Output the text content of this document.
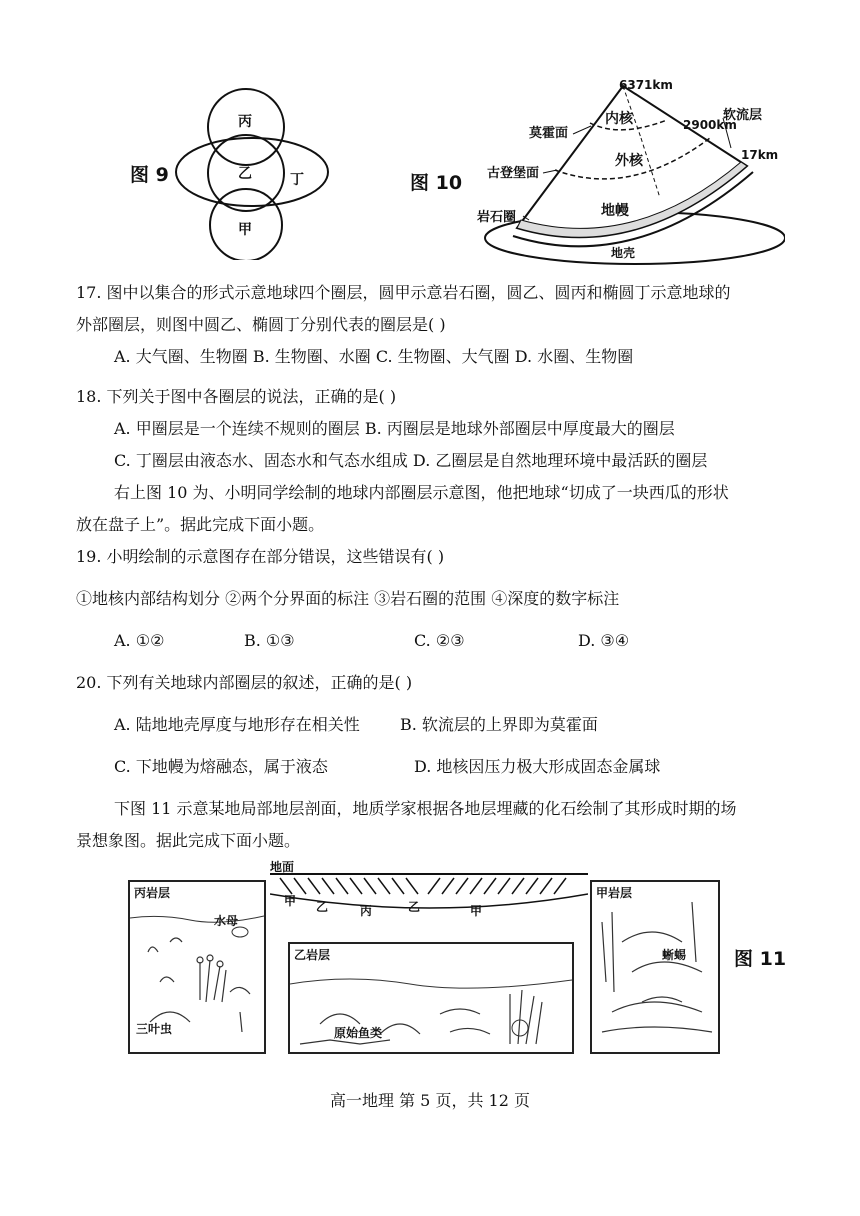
图 9
丙
乙	丁
甲
图 10
6371km
内核
莫霍面
软流层
2900km
17km
外核
古登堡面
岩石圈	地幔
地壳
17. 图中以集合的形式示意地球四个圈层，圆甲示意岩石圈，圆乙、圆丙和椭圆丁示意地球的
外部圈层，则图中圆乙、椭圆丁分别代表的圈层是( )
A. 大气圈、生物圈 B. 生物圈、水圈 C. 生物圈、大气圈 D. 水圈、生物圈
18. 下列关于图中各圈层的说法，正确的是( )
A. 甲圈层是一个连续不规则的圈层 B. 丙圈层是地球外部圈层中厚度最大的圈层
C. 丁圈层由液态水、固态水和气态水组成 D. 乙圈层是自然地理环境中最活跃的圈层
右上图 10 为、小明同学绘制的地球内部圈层示意图，他把地球“切成了一块西瓜的形状
放在盘子上”。据此完成下面小题。
19. 小明绘制的示意图存在部分错误，这些错误有( )
①地核内部结构划分 ②两个分界面的标注 ③岩石圈的范围 ④深度的数字标注
A. ①②	B. ①③	C. ②③	D. ③④
20. 下列有关地球内部圈层的叙述，正确的是( )
A. 陆地地壳厚度与地形存在相关性	B. 软流层的上界即为莫霍面
C. 下地幔为熔融态，属于液态	D. 地核因压力极大形成固态金属球
下图 11 示意某地局部地层剖面，地质学家根据各地层埋藏的化石绘制了其形成时期的场
景想象图。据此完成下面小题。
地面
甲 乙	丙	乙	甲
丙岩层
水母
三叶虫
乙岩层
原始鱼类
甲岩层
蜥蜴	图 11
高一地理 第 5 页，共 12 页
